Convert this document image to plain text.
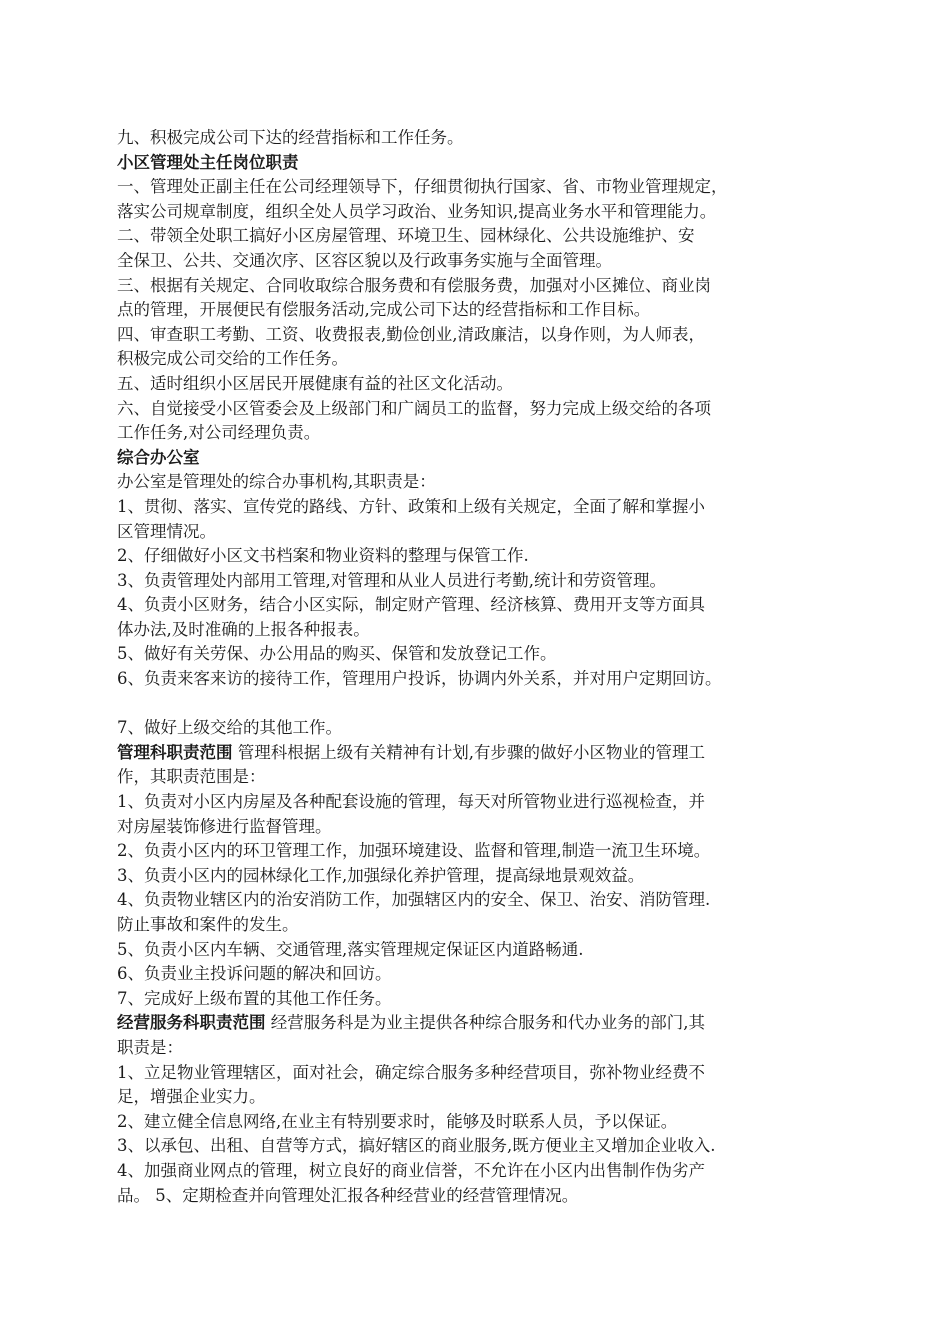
九、积极完成公司下达的经营指标和工作任务。

小区管理处主任岗位职责

一、管理处正副主任在公司经理领导下，仔细贯彻执行国家、省、市物业管理规定，

落实公司规章制度，组织全处人员学习政治、业务知识,提高业务水平和管理能力。

二、带领全处职工搞好小区房屋管理、环境卫生、园林绿化、公共设施维护、安

全保卫、公共、交通次序、区容区貌以及行政事务实施与全面管理。

三、根据有关规定、合同收取综合服务费和有偿服务费，加强对小区摊位、商业岗

点的管理，开展便民有偿服务活动,完成公司下达的经营指标和工作目标。

四、审查职工考勤、工资、收费报表,勤俭创业,清政廉洁，以身作则，为人师表，

积极完成公司交给的工作任务。

五、适时组织小区居民开展健康有益的社区文化活动。

六、自觉接受小区管委会及上级部门和广阔员工的监督，努力完成上级交给的各项

工作任务,对公司经理负责。

综合办公室

办公室是管理处的综合办事机构,其职责是：

1、贯彻、落实、宣传党的路线、方针、政策和上级有关规定，全面了解和掌握小

区管理情况。

2、仔细做好小区文书档案和物业资料的整理与保管工作.

3、负责管理处内部用工管理,对管理和从业人员进行考勤,统计和劳资管理。

4、负责小区财务，结合小区实际，制定财产管理、经济核算、费用开支等方面具

体办法,及时准确的上报各种报表。

5、做好有关劳保、办公用品的购买、保管和发放登记工作。

6、负责来客来访的接待工作，管理用户投诉，协调内外关系，并对用户定期回访。

7、做好上级交给的其他工作。

管理科职责范围 管理科根据上级有关精神有计划,有步骤的做好小区物业的管理工

作，其职责范围是：

1、负责对小区内房屋及各种配套设施的管理，每天对所管物业进行巡视检查，并

对房屋装饰修进行监督管理。

2、负责小区内的环卫管理工作，加强环境建设、监督和管理,制造一流卫生环境。

3、负责小区内的园林绿化工作,加强绿化养护管理，提高绿地景观效益。

4、负责物业辖区内的治安消防工作，加强辖区内的安全、保卫、治安、消防管理.

防止事故和案件的发生。

5、负责小区内车辆、交通管理,落实管理规定保证区内道路畅通.

6、负责业主投诉问题的解决和回访。

7、完成好上级布置的其他工作任务。

经营服务科职责范围 经营服务科是为业主提供各种综合服务和代办业务的部门,其

职责是：

1、立足物业管理辖区，面对社会，确定综合服务多种经营项目，弥补物业经费不

足，增强企业实力。

2、建立健全信息网络,在业主有特别要求时，能够及时联系人员，予以保证。

3、以承包、出租、自营等方式，搞好辖区的商业服务,既方便业主又增加企业收入.

4、加强商业网点的管理，树立良好的商业信誉，不允许在小区内出售制作伪劣产

品。 5、定期检查并向管理处汇报各种经营业的经营管理情况。
